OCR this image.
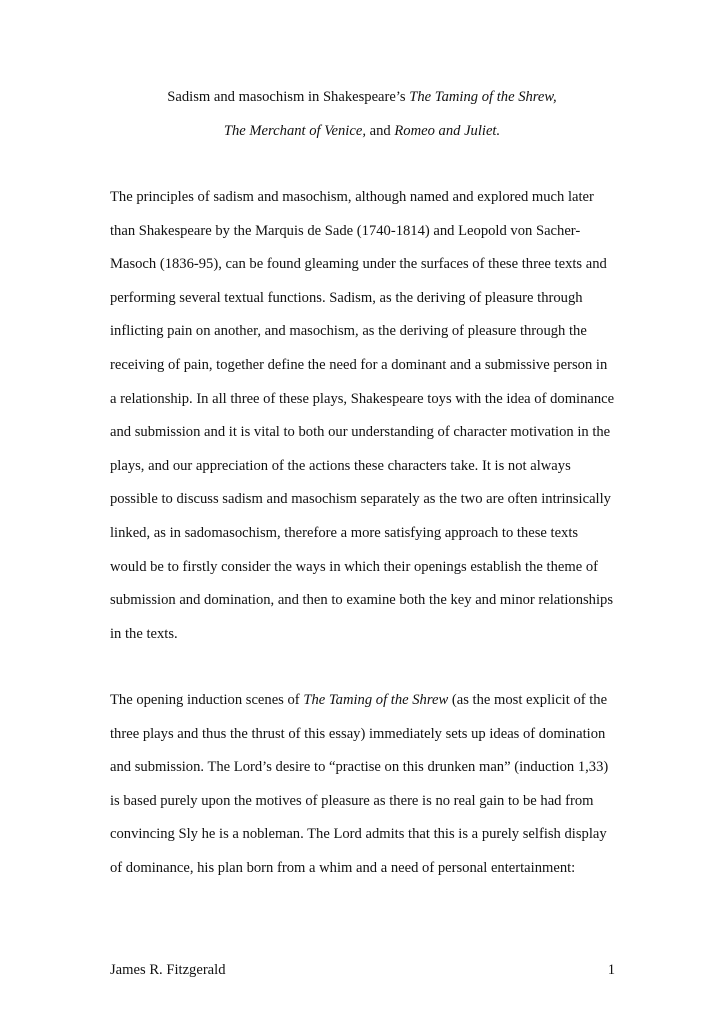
Sadism and masochism in Shakespeare’s The Taming of the Shrew,
The Merchant of Venice, and Romeo and Juliet.
The principles of sadism and masochism, although named and explored much later
than Shakespeare by the Marquis de Sade (1740-1814) and Leopold von Sacher-
Masoch (1836-95), can be found gleaming under the surfaces of these three texts and
performing several textual functions. Sadism, as the deriving of pleasure through
inflicting pain on another, and masochism, as the deriving of pleasure through the
receiving of pain, together define the need for a dominant and a submissive person in
a relationship. In all three of these plays, Shakespeare toys with the idea of dominance
and submission and it is vital to both our understanding of character motivation in the
plays, and our appreciation of the actions these characters take. It is not always
possible to discuss sadism and masochism separately as the two are often intrinsically
linked, as in sadomasochism, therefore a more satisfying approach to these texts
would be to firstly consider the ways in which their openings establish the theme of
submission and domination, and then to examine both the key and minor relationships
in the texts.
The opening induction scenes of The Taming of the Shrew (as the most explicit of the
three plays and thus the thrust of this essay) immediately sets up ideas of domination
and submission. The Lord’s desire to “practise on this drunken man” (induction 1,33)
is based purely upon the motives of pleasure as there is no real gain to be had from
convincing Sly he is a nobleman. The Lord admits that this is a purely selfish display
of dominance, his plan born from a whim and a need of personal entertainment:
James R. Fitzgerald	1
